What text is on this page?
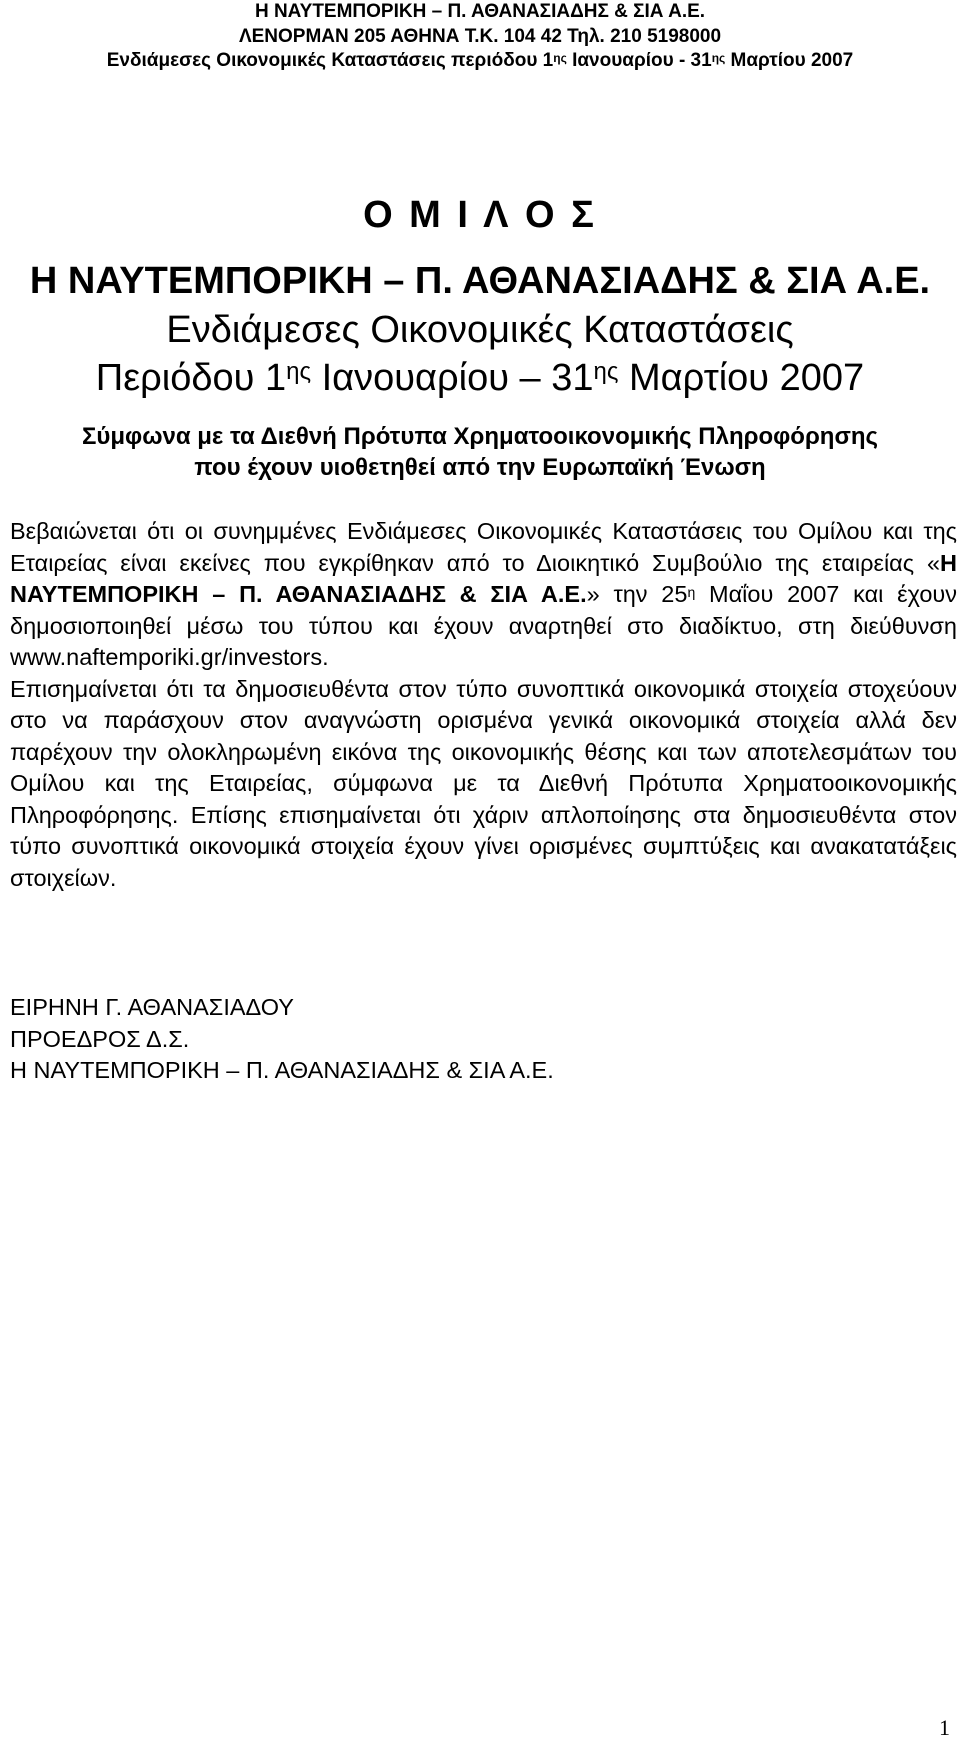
Η ΝΑΥΤΕΜΠΟΡΙΚΗ – Π. ΑΘΑΝΑΣΙΑΔΗΣ & ΣΙΑ Α.Ε.
ΛΕΝΟΡΜΑΝ 205 ΑΘΗΝΑ Τ.Κ. 104 42 Τηλ. 210 5198000
Ενδιάμεσες Οικονομικές Καταστάσεις περιόδου $1^{\eta\varsigma}$ Ιανουαρίου - $31^{\eta\varsigma}$ Μαρτίου 2007
Ο Μ Ι Λ Ο Σ
Η ΝΑΥΤΕΜΠΟΡΙΚΗ – Π. ΑΘΑΝΑΣΙΑΔΗΣ & ΣΙΑ Α.Ε.
Ενδιάμεσες Οικονομικές Καταστάσεις
Περιόδου $1^{\eta\varsigma}$ Ιανουαρίου – $31^{\eta\varsigma}$ Μαρτίου 2007
Σύμφωνα με τα Διεθνή Πρότυπα Χρηματοοικονομικής Πληροφόρησης
που έχουν υιοθετηθεί από την Ευρωπαϊκή Ένωση

Βεβαιώνεται ότι οι συνημμένες Ενδιάμεσες Οικονομικές Καταστάσεις του Ομίλου και της Εταιρείας είναι εκείνες που εγκρίθηκαν από το Διοικητικό Συμβούλιο της εταιρείας «Η ΝΑΥΤΕΜΠΟΡΙΚΗ – Π. ΑΘΑΝΑΣΙΑΔΗΣ & ΣΙΑ Α.Ε.» την $25^\eta$ Μαΐου 2007 και έχουν δημοσιοποιηθεί μέσω του τύπου και έχουν αναρτηθεί στο διαδίκτυο, στη διεύθυνση www.naftemporiki.gr/investors.

Επισημαίνεται ότι τα δημοσιευθέντα στον τύπο συνοπτικά οικονομικά στοιχεία στοχεύουν στο να παράσχουν στον αναγνώστη ορισμένα γενικά οικονομικά στοιχεία αλλά δεν παρέχουν την ολοκληρωμένη εικόνα της οικονομικής θέσης και των αποτελεσμάτων του Ομίλου και της Εταιρείας, σύμφωνα με τα Διεθνή Πρότυπα Χρηματοοικονομικής Πληροφόρησης. Επίσης επισημαίνεται ότι χάριν απλοποίησης στα δημοσιευθέντα στον τύπο συνοπτικά οικονομικά στοιχεία έχουν γίνει ορισμένες συμπτύξεις και ανακατατάξεις στοιχείων.

ΕΙΡΗΝΗ Γ. ΑΘΑΝΑΣΙΑΔΟΥ
ΠΡΟΕΔΡΟΣ Δ.Σ.
Η ΝΑΥΤΕΜΠΟΡΙΚΗ – Π. ΑΘΑΝΑΣΙΑΔΗΣ & ΣΙΑ Α.Ε.
1
